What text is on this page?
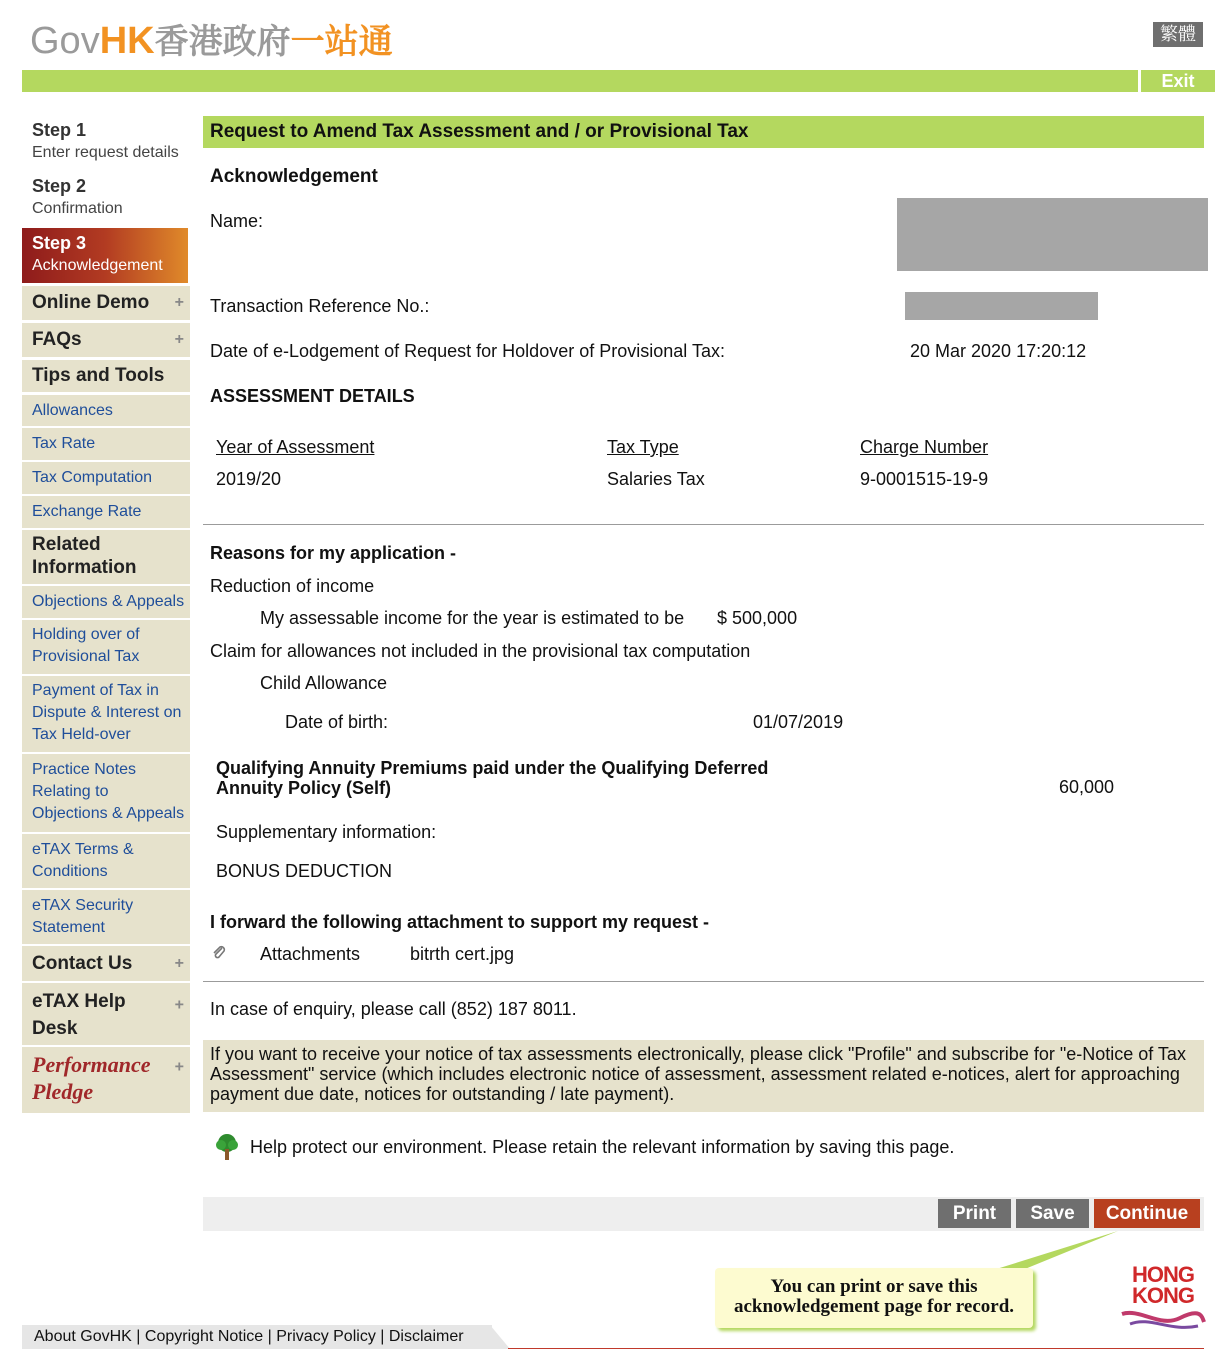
GovHK香港政府一站通	繁體
Exit
Step 1
Enter request details
Step 2
Confirmation
Step 3
Acknowledgement
Online Demo +
FAQs	+
Tips and Tools
Allowances
Tax Rate
Tax Computation
Exchange Rate
Related
Information
Objections & Appeals
Holding over of
Provisional Tax
Payment of Tax in
Dispute & Interest on
Tax Held-over
Practice Notes
Relating to
Objections & Appeals
eTAX Terms &
Conditions
eTAX Security
Statement
Contact Us	+
eTAX Help
Desk
+
Performance
Pledge
+
Request to Amend Tax Assessment and / or Provisional Tax
Acknowledgement
Name:
Transaction Reference No.:
Date of e-Lodgement of Request for Holdover of Provisional Tax:	20 Mar 2020 17:20:12
ASSESSMENT DETAILS
Year of Assessment	Tax Type	Charge Number
2019/20	Salaries Tax	9-0001515-19-9
Reasons for my application -
Reduction of income
My assessable income for the year is estimated to be $ 500,000
Claim for allowances not included in the provisional tax computation
Child Allowance
Date of birth:	01/07/2019
Qualifying Annuity Premiums paid under the Qualifying Deferred
Annuity Policy (Self)	60,000
Supplementary information:
BONUS DEDUCTION
I forward the following attachment to support my request -
Attachments	bitrth cert.jpg
In case of enquiry, please call (852) 187 8011.
If you want to receive your notice of tax assessments electronically, please click "Profile" and subscribe for "e-Notice of Tax Assessment" service (which includes electronic notice of assessment, assessment related e-notices, alert for approaching payment due date, notices for outstanding / late payment).
Help protect our environment. Please retain the relevant information by saving this page.
Print	Save	Continue
You can print or save this
acknowledgement page for record.
HONG
KONG
About GovHK | Copyright Notice | Privacy Policy | Disclaimer
